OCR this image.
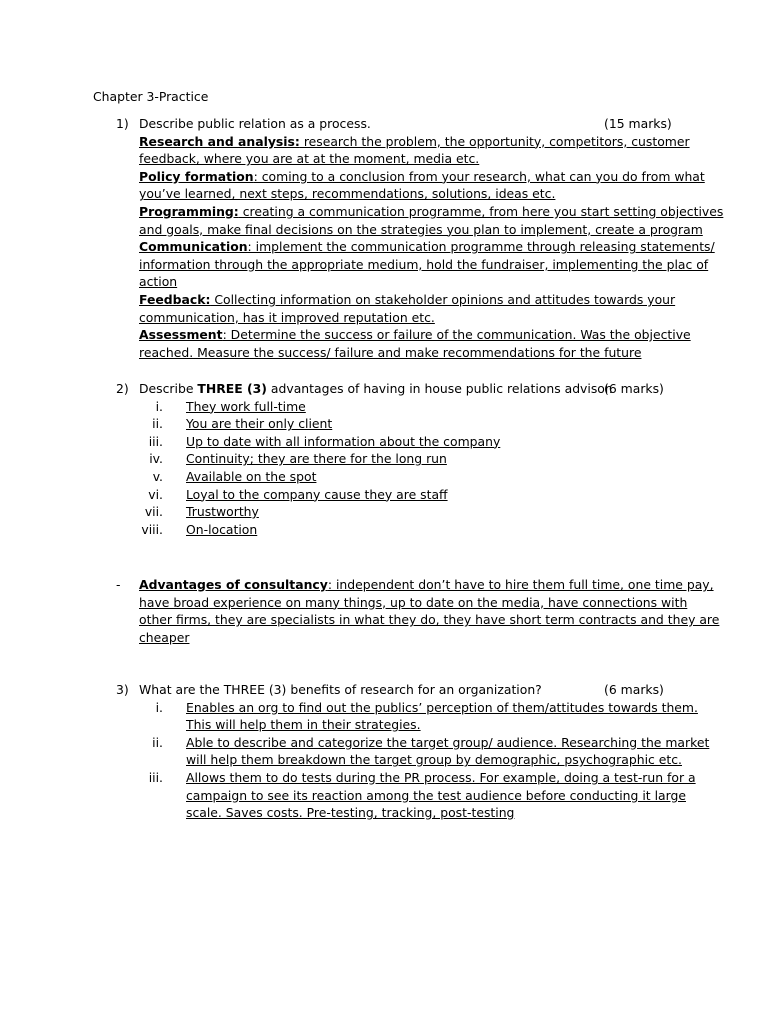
Chapter 3-Practice
1) Describe public relation as a process.	(15 marks)
Research and analysis: research the problem, the opportunity, competitors, customer
feedback, where you are at at the moment, media etc.
Policy formation: coming to a conclusion from your research, what can you do from what
you’ve learned, next steps, recommendations, solutions, ideas etc.
Programming: creating a communication programme, from here you start setting objectives
and goals, make final decisions on the strategies you plan to implement, create a program
Communication: implement the communication programme through releasing statements/
information through the appropriate medium, hold the fundraiser, implementing the plac of
action
Feedback: Collecting information on stakeholder opinions and attitudes towards your
communication, has it improved reputation etc.
Assessment: Determine the success or failure of the communication. Was the objective
reached. Measure the success/ failure and make recommendations for the future
2) Describe THREE (3) advantages of having in house public relations advisor.
(6 marks)
i. They work full-time
ii. You are their only client
iii. Up to date with all information about the company
iv. Continuity; they are there for the long run
v. Available on the spot
vi. Loyal to the company cause they are staff
vii. Trustworthy
viii. On-location
- Advantages of consultancy: independent don’t have to hire them full time, one time pay,
have broad experience on many things, up to date on the media, have connections with
other firms, they are specialists in what they do, they have short term contracts and they are
cheaper
3) What are the THREE (3) benefits of research for an organization?	(6 marks)
i. Enables an org to find out the publics’ perception of them/attitudes towards them.
This will help them in their strategies.
ii. Able to describe and categorize the target group/ audience. Researching the market
will help them breakdown the target group by demographic, psychographic etc.
iii. Allows them to do tests during the PR process. For example, doing a test-run for a
campaign to see its reaction among the test audience before conducting it large
scale. Saves costs. Pre-testing, tracking, post-testing
